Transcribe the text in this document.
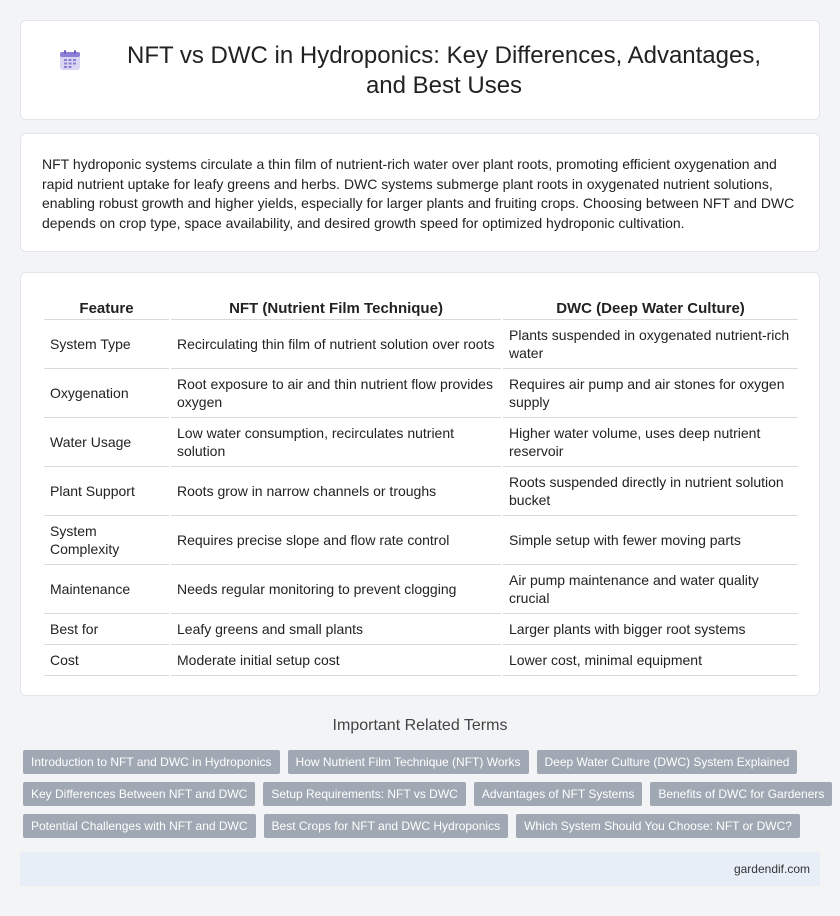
NFT vs DWC in Hydroponics: Key Differences, Advantages, and Best Uses

NFT hydroponic systems circulate a thin film of nutrient-rich water over plant roots, promoting efficient oxygenation and rapid nutrient uptake for leafy greens and herbs. DWC systems submerge plant roots in oxygenated nutrient solutions, enabling robust growth and higher yields, especially for larger plants and fruiting crops. Choosing between NFT and DWC depends on crop type, space availability, and desired growth speed for optimized hydroponic cultivation.

Feature	NFT (Nutrient Film Technique)	DWC (Deep Water Culture)
System Type	Recirculating thin film of nutrient solution over roots	Plants suspended in oxygenated nutrient-rich water
Oxygenation	Root exposure to air and thin nutrient flow provides oxygen	Requires air pump and air stones for oxygen supply
Water Usage	Low water consumption, recirculates nutrient solution	Higher water volume, uses deep nutrient reservoir
Plant Support	Roots grow in narrow channels or troughs	Roots suspended directly in nutrient solution bucket
System Complexity	Requires precise slope and flow rate control	Simple setup with fewer moving parts
Maintenance	Needs regular monitoring to prevent clogging	Air pump maintenance and water quality crucial
Best for	Leafy greens and small plants	Larger plants with bigger root systems
Cost	Moderate initial setup cost	Lower cost, minimal equipment
Important Related Terms
Introduction to NFT and DWC in Hydroponics	How Nutrient Film Technique (NFT) Works	Deep Water Culture (DWC) System Explained
Key Differences Between NFT and DWC	Setup Requirements: NFT vs DWC	Advantages of NFT Systems	Benefits of DWC for Gardeners
Potential Challenges with NFT and DWC	Best Crops for NFT and DWC Hydroponics	Which System Should You Choose: NFT or DWC?
gardendif.com
